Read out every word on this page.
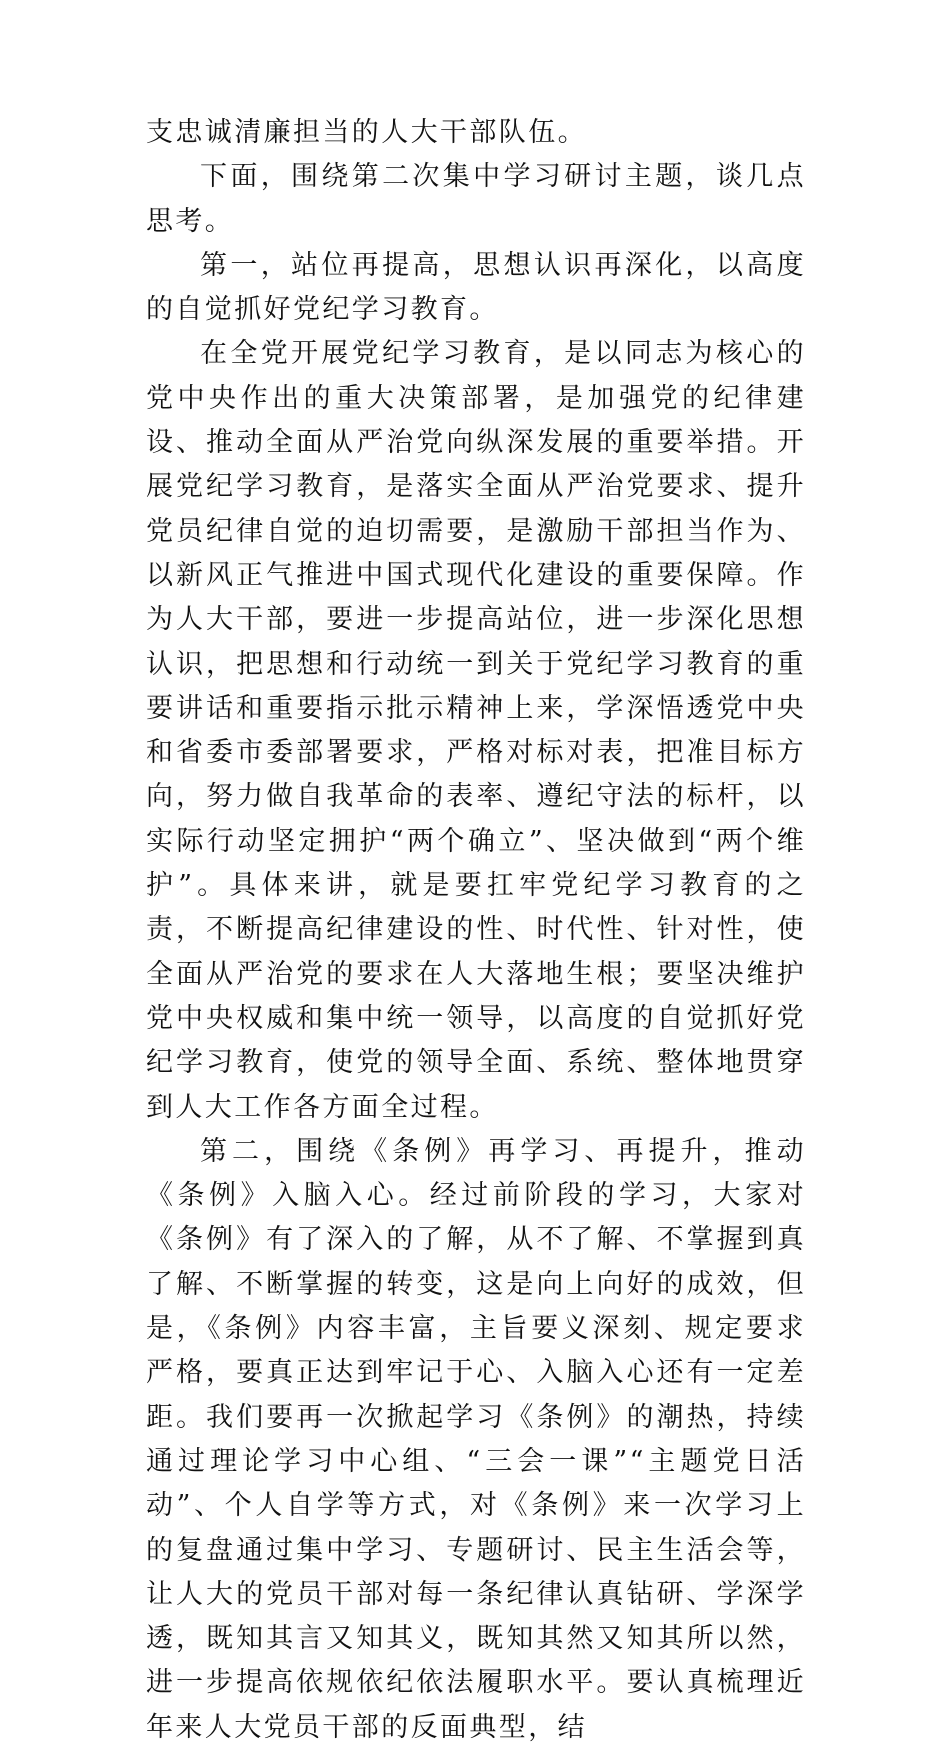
支忠诚清廉担当的人大干部队伍。

下面，围绕第二次集中学习研讨主题，谈几点思考。

第一，站位再提高，思想认识再深化，以高度的自觉抓好党纪学习教育。

在全党开展党纪学习教育，是以同志为核心的党中央作出的重大决策部署，是加强党的纪律建设、推动全面从严治党向纵深发展的重要举措。开展党纪学习教育，是落实全面从严治党要求、提升党员纪律自觉的迫切需要，是激励干部担当作为、以新风正气推进中国式现代化建设的重要保障。作为人大干部，要进一步提高站位，进一步深化思想认识，把思想和行动统一到关于党纪学习教育的重要讲话和重要指示批示精神上来，学深悟透党中央和省委市委部署要求，严格对标对表，把准目标方向，努力做自我革命的表率、遵纪守法的标杆，以实际行动坚定拥护“两个确立”、坚决做到“两个维护”。具体来讲，就是要扛牢党纪学习教育的之责，不断提高纪律建设的性、时代性、针对性，使全面从严治党的要求在人大落地生根；要坚决维护党中央权威和集中统一领导，以高度的自觉抓好党纪学习教育，使党的领导全面、系统、整体地贯穿到人大工作各方面全过程。

第二，围绕《条例》再学习、再提升，推动《条例》入脑入心。经过前阶段的学习，大家对《条例》有了深入的了解，从不了解、不掌握到真了解、不断掌握的转变，这是向上向好的成效，但是，《条例》内容丰富，主旨要义深刻、规定要求严格，要真正达到牢记于心、入脑入心还有一定差距。我们要再一次掀起学习《条例》的潮热，持续通过理论学习中心组、“三会一课”“主题党日活动”、个人自学等方式，对《条例》来一次学习上的复盘通过集中学习、专题研讨、民主生活会等，让人大的党员干部对每一条纪律认真钻研、学深学透，既知其言又知其义，既知其然又知其所以然，进一步提高依规依纪依法履职水平。要认真梳理近年来人大党员干部的反面典型，结
